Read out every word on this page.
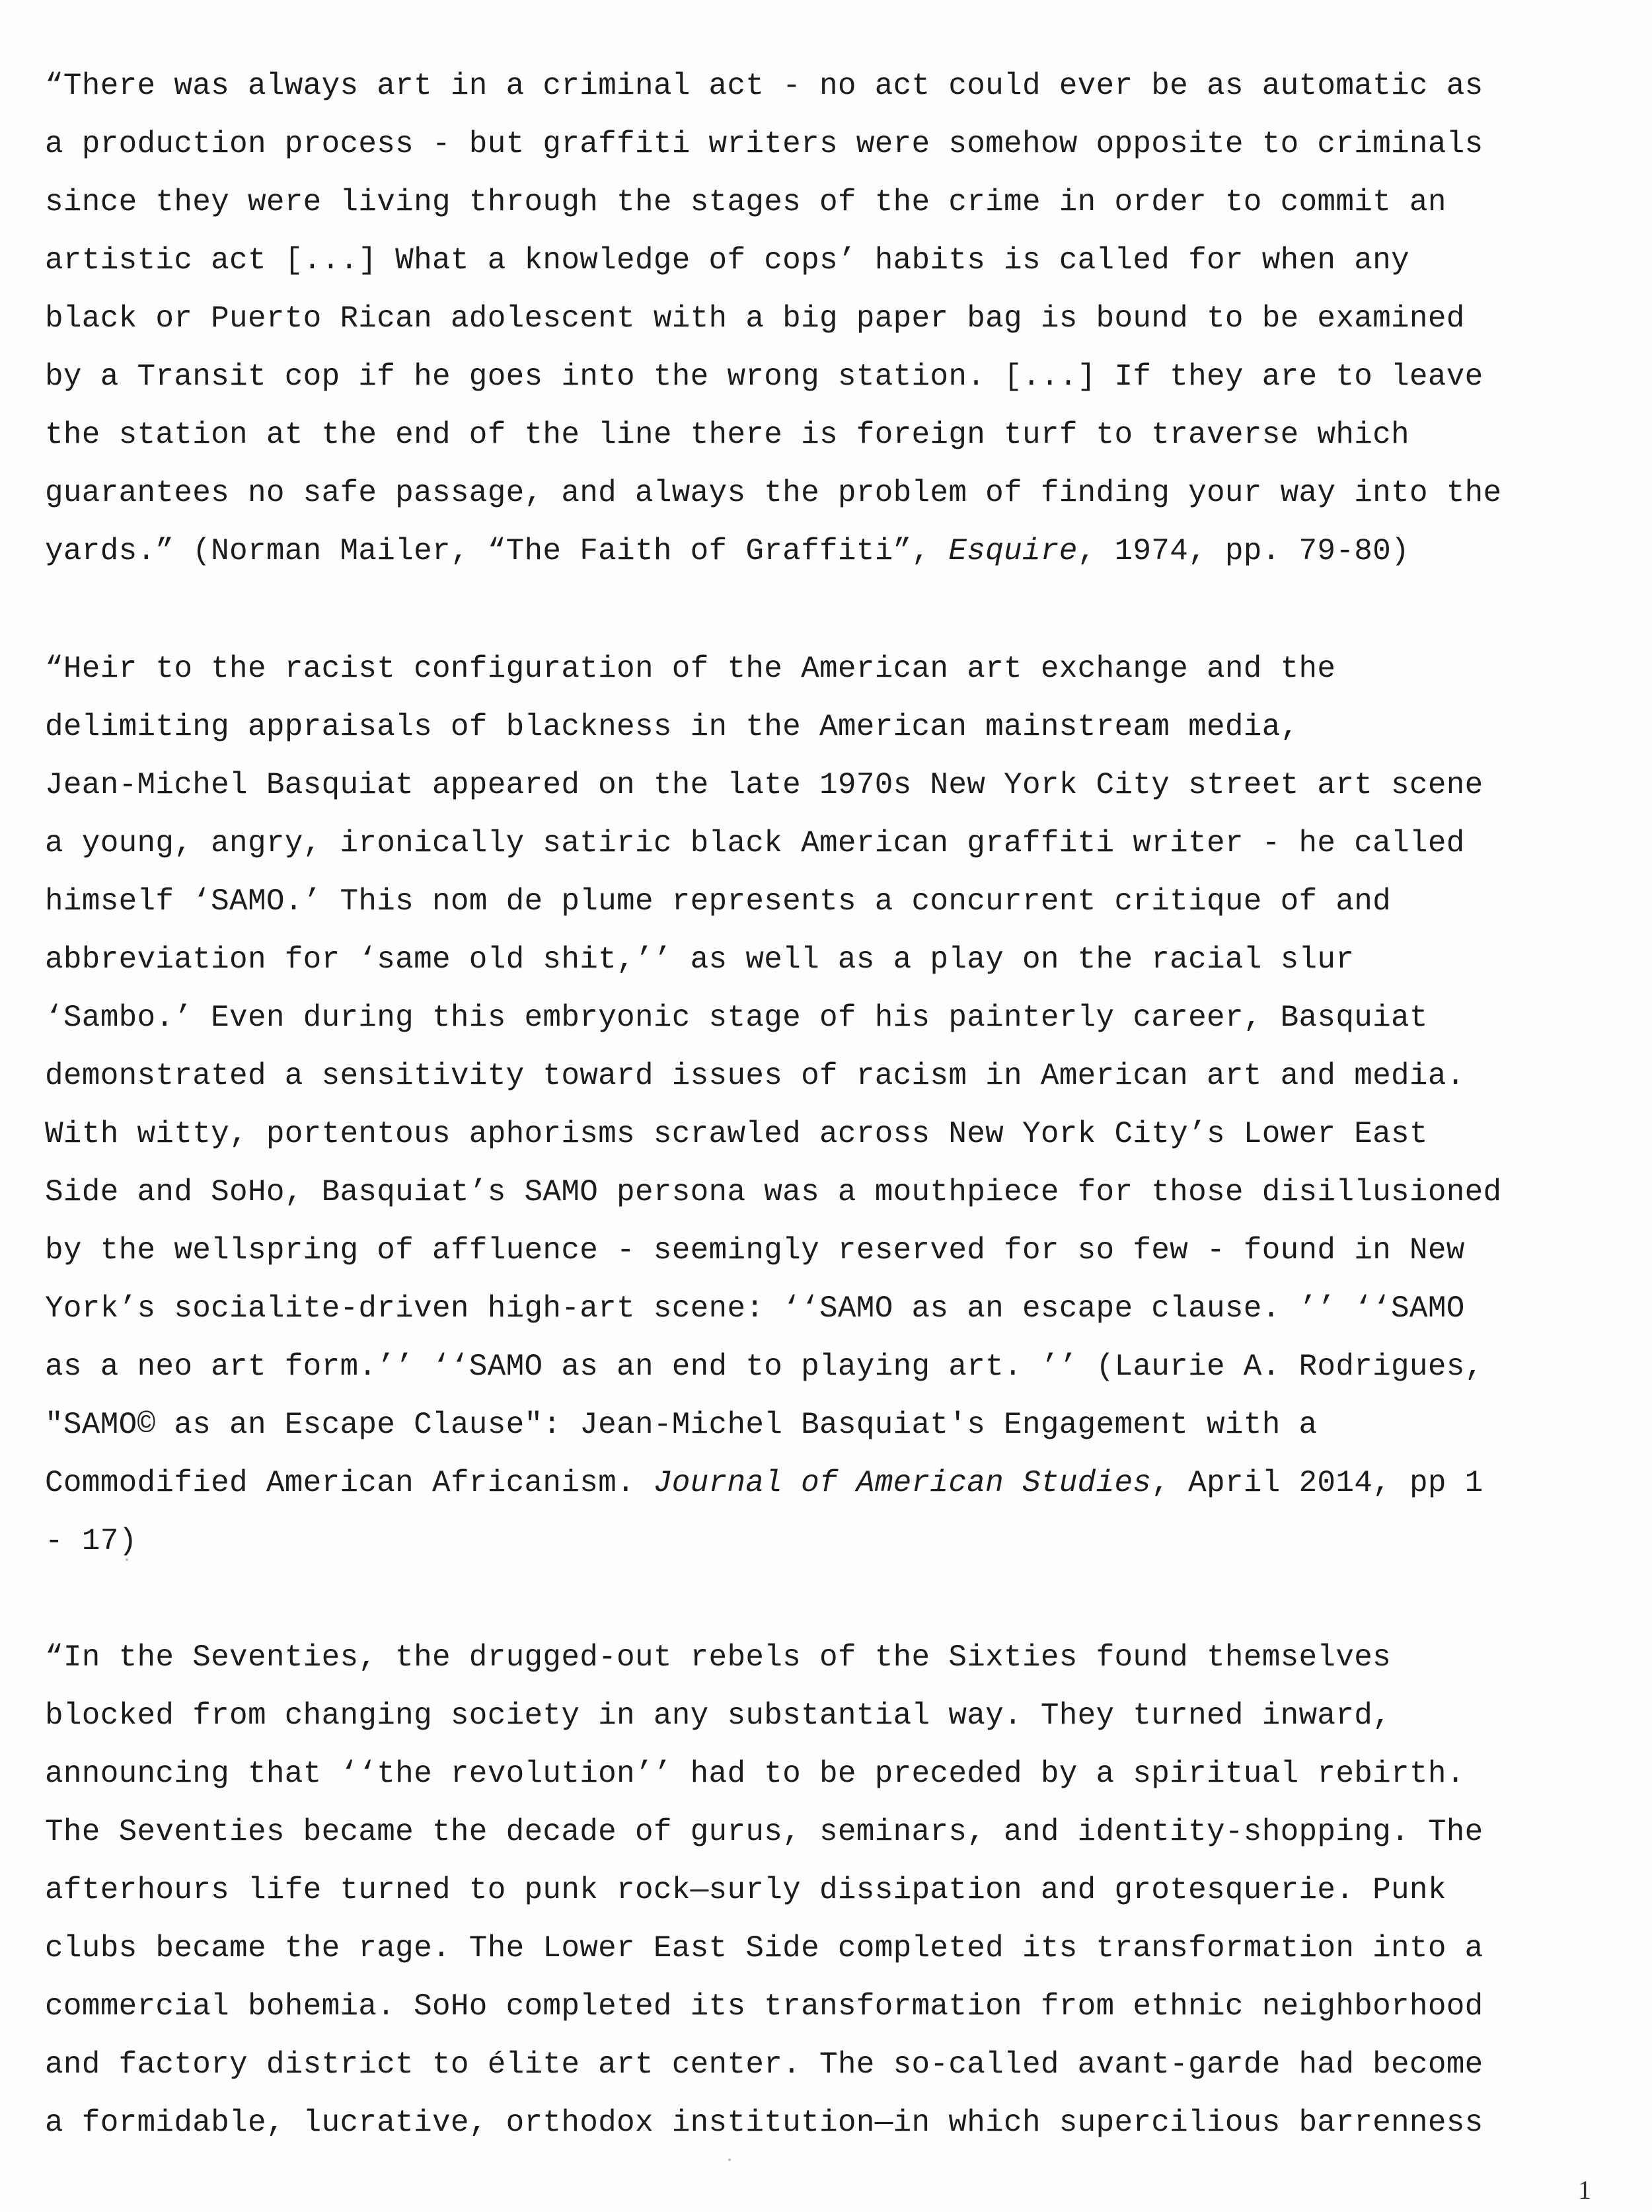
“There was always art in a criminal act - no act could ever be as automatic as
a production process - but graffiti writers were somehow opposite to criminals
since they were living through the stages of the crime in order to commit an
artistic act [...] What a knowledge of cops’ habits is called for when any
black or Puerto Rican adolescent with a big paper bag is bound to be examined
by a Transit cop if he goes into the wrong station. [...] If they are to leave
the station at the end of the line there is foreign turf to traverse which
guarantees no safe passage, and always the problem of finding your way into the
yards.” (Norman Mailer, “The Faith of Graffiti”, Esquire, 1974, pp. 79-80)
“Heir to the racist configuration of the American art exchange and the
delimiting appraisals of blackness in the American mainstream media,
Jean-Michel Basquiat appeared on the late 1970s New York City street art scene
a young, angry, ironically satiric black American graffiti writer - he called
himself ‘SAMO.’ This nom de plume represents a concurrent critique of and
abbreviation for ‘same old shit,’’ as well as a play on the racial slur
‘Sambo.’ Even during this embryonic stage of his painterly career, Basquiat
demonstrated a sensitivity toward issues of racism in American art and media.
With witty, portentous aphorisms scrawled across New York City’s Lower East
Side and SoHo, Basquiat’s SAMO persona was a mouthpiece for those disillusioned
by the wellspring of affluence - seemingly reserved for so few - found in New
York’s socialite-driven high-art scene: ‘‘SAMO as an escape clause. ’’ ‘‘SAMO
as a neo art form.’’ ‘‘SAMO as an end to playing art. ’’ (Laurie A. Rodrigues,
"SAMO© as an Escape Clause": Jean-Michel Basquiat's Engagement with a
Commodified American Africanism. Journal of American Studies, April 2014, pp 1
- 17)
“In the Seventies, the drugged-out rebels of the Sixties found themselves
blocked from changing society in any substantial way. They turned inward,
announcing that ‘‘the revolution’’ had to be preceded by a spiritual rebirth.
The Seventies became the decade of gurus, seminars, and identity-shopping. The
afterhours life turned to punk rock—surly dissipation and grotesquerie. Punk
clubs became the rage. The Lower East Side completed its transformation into a
commercial bohemia. SoHo completed its transformation from ethnic neighborhood
and factory district to élite art center. The so-called avant-garde had become
a formidable, lucrative, orthodox institution—in which supercilious barrenness
1
